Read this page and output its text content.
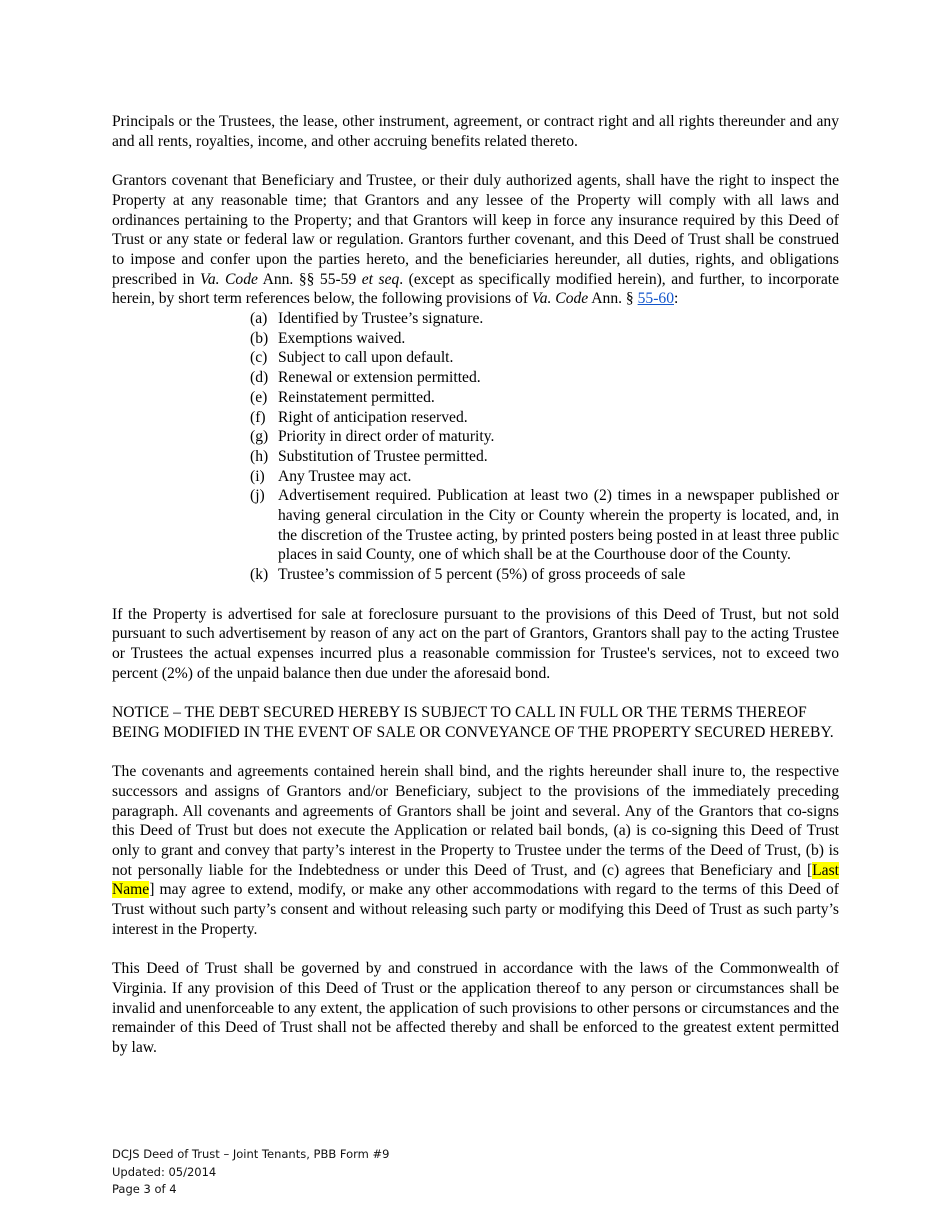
Principals or the Trustees, the lease, other instrument, agreement, or contract right and all rights thereunder and any and all rents, royalties, income, and other accruing benefits related thereto.

Grantors covenant that Beneficiary and Trustee, or their duly authorized agents, shall have the right to inspect the Property at any reasonable time; that Grantors and any lessee of the Property will comply with all laws and ordinances pertaining to the Property; and that Grantors will keep in force any insurance required by this Deed of Trust or any state or federal law or regulation. Grantors further covenant, and this Deed of Trust shall be construed to impose and confer upon the parties hereto, and the beneficiaries hereunder, all duties, rights, and obligations prescribed in Va. Code Ann. §§ 55-59 et seq. (except as specifically modified herein), and further, to incorporate herein, by short term references below, the following provisions of Va. Code Ann. § 55-60:

(a) Identified by Trustee’s signature.
(b) Exemptions waived.
(c) Subject to call upon default.
(d) Renewal or extension permitted.
(e) Reinstatement permitted.
(f) Right of anticipation reserved.
(g) Priority in direct order of maturity.
(h) Substitution of Trustee permitted.
(i) Any Trustee may act.
(j) Advertisement required. Publication at least two (2) times in a newspaper published or having general circulation in the City or County wherein the property is located, and, in the discretion of the Trustee acting, by printed posters being posted in at least three public places in said County, one of which shall be at the Courthouse door of the County.
(k) Trustee’s commission of 5 percent (5%) of gross proceeds of sale

If the Property is advertised for sale at foreclosure pursuant to the provisions of this Deed of Trust, but not sold pursuant to such advertisement by reason of any act on the part of Grantors, Grantors shall pay to the acting Trustee or Trustees the actual expenses incurred plus a reasonable commission for Trustee's services, not to exceed two percent (2%) of the unpaid balance then due under the aforesaid bond.

NOTICE – THE DEBT SECURED HEREBY IS SUBJECT TO CALL IN FULL OR THE TERMS THEREOF BEING MODIFIED IN THE EVENT OF SALE OR CONVEYANCE OF THE PROPERTY SECURED HEREBY.

The covenants and agreements contained herein shall bind, and the rights hereunder shall inure to, the respective successors and assigns of Grantors and/or Beneficiary, subject to the provisions of the immediately preceding paragraph. All covenants and agreements of Grantors shall be joint and several. Any of the Grantors that co-signs this Deed of Trust but does not execute the Application or related bail bonds, (a) is co-signing this Deed of Trust only to grant and convey that party’s interest in the Property to Trustee under the terms of the Deed of Trust, (b) is not personally liable for the Indebtedness or under this Deed of Trust, and (c) agrees that Beneficiary and [Last Name] may agree to extend, modify, or make any other accommodations with regard to the terms of this Deed of Trust without such party’s consent and without releasing such party or modifying this Deed of Trust as such party’s interest in the Property.

This Deed of Trust shall be governed by and construed in accordance with the laws of the Commonwealth of Virginia. If any provision of this Deed of Trust or the application thereof to any person or circumstances shall be invalid and unenforceable to any extent, the application of such provisions to other persons or circumstances and the remainder of this Deed of Trust shall not be affected thereby and shall be enforced to the greatest extent permitted by law.

DCJS Deed of Trust – Joint Tenants, PBB Form #9
Updated: 05/2014
Page 3 of 4
